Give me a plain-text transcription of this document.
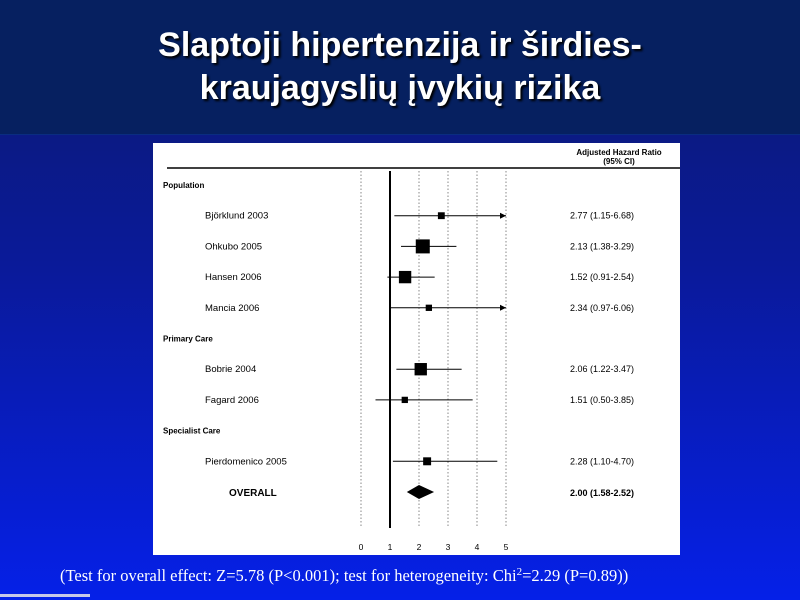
Slaptoji hipertenzija ir širdies-
kraujagyslių įvykių rizika
Adjusted Hazard Ratio
(95% CI)
0	1	2	3	4	5
Population
Björklund 2003	2.77 (1.15-6.68)
Ohkubo 2005	2.13 (1.38-3.29)
Hansen 2006	1.52 (0.91-2.54)
Mancia 2006	2.34 (0.97-6.06)
Primary Care
Bobrie 2004	2.06 (1.22-3.47)
Fagard 2006	1.51 (0.50-3.85)
Specialist Care
Pierdomenico 2005	2.28 (1.10-4.70)
OVERALL	2.00 (1.58-2.52)
(Test for overall effect: Z=5.78 (P<0.001); test for heterogeneity: Chi$^2$=2.29 (P=0.89))
